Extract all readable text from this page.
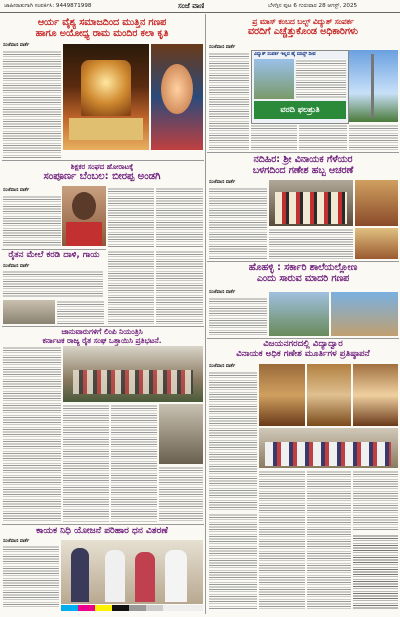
ಜಾಹೀರಾತುಗಾಗಿ ಸಂಪರ್ಕಿಸಿ: 9449871998	ಸಂಜೆ ವಾಣಿ	ಬೆಳಗ್ಗಿನ ಪುಟ 6 ಗುರುವಾರ 28 ಆಗಸ್ಟ್, 2025
ಆರ್ಯ ವೈಶ್ಯ ಸಮಾಜದಿಂದ ಮುತ್ತಿನ ಗಣಪ
ಹಾಗೂ ಅಯೋಧ್ಯ ರಾಮ ಮಂದಿರ ಕಲಾ ಕೃತಿ
ಸಂಜೆವಾಣಿ ವಾರ್ತೆ
ಶಿಕ್ಷಕರ ಸಂಘದ ಹೋರಾಟಕ್ಕೆ
ಸಂಪೂರ್ಣ ಬೆಂಬಲ: ಬೀರಪ್ಪ ಅಂಡಗಿ
ಸಂಜೆವಾಣಿ ವಾರ್ತೆ
ರೈತನ ಮೇಲೆ ಕರಡಿ ದಾಳಿ, ಗಾಯ
ಸಂಜೆವಾಣಿ ವಾರ್ತೆ
ಜಾನುವಾರುಗಳಿಗೆ ಲಿಂಪಿ ನಿಯಂತ್ರಿಸಿ
ಕರ್ನಾಟಕ ರಾಜ್ಯ ರೈತ ಸಂಘ ಒತ್ತಾಯಿಸಿ ಪ್ರತಿಭಟನೆ.
ಕಾಯಕ ನಿಧಿ ಯೋಜನೆ ಪರಿಹಾರ ಧನ ವಿತರಣೆ
ಸಂಜೆವಾಣಿ ವಾರ್ತೆ
ಪ್ರ ಮಾಸ್ ಕಂಬದ ಬಲ್ಬ್ ವಿದ್ಯುತ್ ಸಂಪರ್ಕ
ವರದಿಗೆ ಎಚ್ಚೆತ್ತುಕೊಂಡ ಅಧಿಕಾರಿಗಳು
ಸಂಜೆವಾಣಿ ವಾರ್ತೆ
ವಿದ್ಯುತ್ ಸಂಪರ್ಕ ಇಲ್ಲದ ಹೈ ಮಾಸ್ಟ್ ದೀಪ
ವರದಿ ಫಲಶ್ರುತಿ
ನದಿಹಿರ: ಶ್ರೀ ವಿನಾಯಕ ಗೆಳೆಯರ
ಬಳಗದಿಂದ ಗಣೇಶ ಹಬ್ಬ ಆಚರಣೆ
ಸಂಜೆವಾಣಿ ವಾರ್ತೆ
ಹೊಹಳ್ಳಿ : ಸರ್ಕಾರಿ ಶಾಲೆಯಲ್ಲೋಣ
ಎಂದು ಸಾರುವ ಮಾದರಿ ಗಣಪ
ಸಂಜೆವಾಣಿ ವಾರ್ತೆ
ವಿಜಯನಗರದಲ್ಲಿ ವಿದ್ಯಾದ್ವಾರ
ವಿನಾಯಕ ಅಧಿಕ ಗಣೇಶ ಮೂರ್ತಿಗಳ ಪ್ರತಿಷ್ಠಾಪನೆ
ಸಂಜೆವಾಣಿ ವಾರ್ತೆ
